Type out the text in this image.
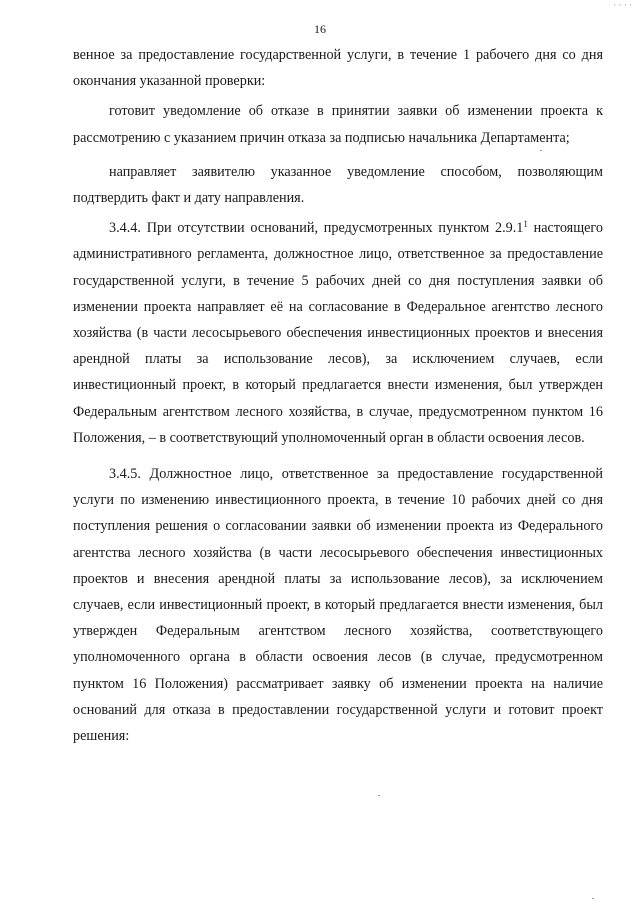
· · · ·
16

венное за предоставление государственной услуги, в течение 1 рабочего дня со дня окончания указанной проверки:

готовит уведомление об отказе в принятии заявки об изменении проекта к рассмотрению с указанием причин отказа за подписью начальника Департамента;

направляет заявителю указанное уведомление способом, позволяющим подтвердить факт и дату направления.

3.4.4. При отсутствии оснований, предусмотренных пунктом 2.9.1$^1$ настоящего административного регламента, должностное лицо, ответственное за предоставление государственной услуги, в течение 5 рабочих дней со дня поступления заявки об изменении проекта направляет её на согласование в Федеральное агентство лесного хозяйства (в части лесосырьевого обеспечения инвестиционных проектов и внесения арендной платы за использование лесов), за исключением случаев, если инвестиционный проект, в который предлагается внести изменения, был утвержден Федеральным агентством лесного хозяйства, в случае, предусмотренном пунктом 16 Положения, – в соответствующий уполномоченный орган в области освоения лесов.

3.4.5. Должностное лицо, ответственное за предоставление государственной услуги по изменению инвестиционного проекта, в течение 10 рабочих дней со дня поступления решения о согласовании заявки об изменении проекта из Федерального агентства лесного хозяйства (в части лесосырьевого обеспечения инвестиционных проектов и внесения арендной платы за использование лесов), за исключением случаев, если инвестиционный проект, в который предлагается внести изменения, был утвержден Федеральным агентством лесного хозяйства, соответствующего уполномоченного органа в области освоения лесов (в случае, предусмотренном пунктом 16 Положения) рассматривает заявку об изменении проекта на наличие оснований для отказа в предоставлении государственной услуги и готовит проект решения:
